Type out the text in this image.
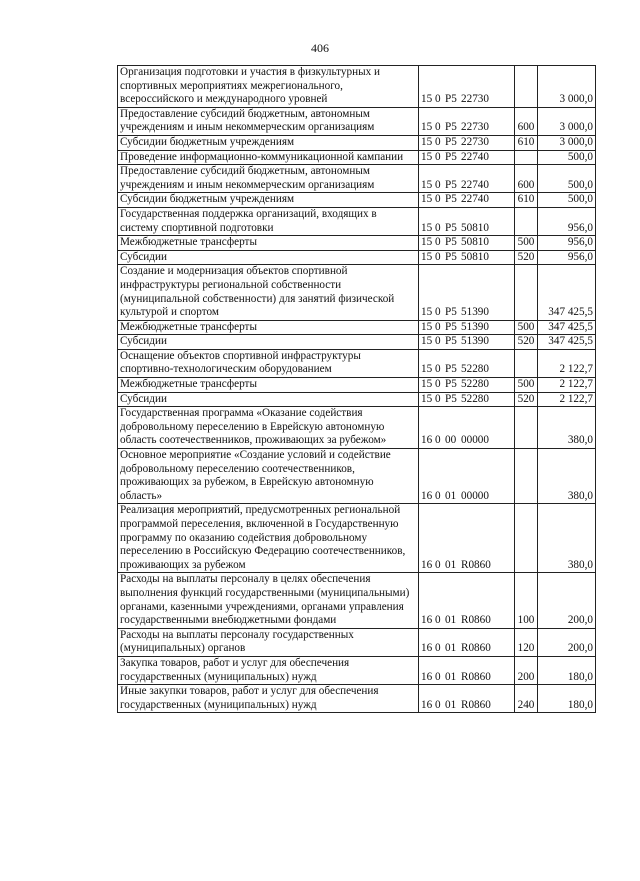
406
Организация подготовки и участия в физкультурных и спортивных мероприятиях межрегионального, всероссийского и международного уровней	15 0 P5 22730		3 000,0
Предоставление субсидий бюджетным, автономным учреждениям и иным некоммерческим организациям	15 0 P5 22730	600	3 000,0
Субсидии бюджетным учреждениям	15 0 P5 22730	610	3 000,0
Проведение информационно-коммуникационной кампании	15 0 P5 22740		500,0
Предоставление субсидий бюджетным, автономным учреждениям и иным некоммерческим организациям	15 0 P5 22740	600	500,0
Субсидии бюджетным учреждениям	15 0 P5 22740	610	500,0
Государственная поддержка организаций, входящих в систему спортивной подготовки	15 0 P5 50810		956,0
Межбюджетные трансферты	15 0 P5 50810	500	956,0
Субсидии	15 0 P5 50810	520	956,0
Создание и модернизация объектов спортивной инфраструктуры региональной собственности (муниципальной собственности) для занятий физической культурой и спортом	15 0 P5 51390		347 425,5
Межбюджетные трансферты	15 0 P5 51390	500	347 425,5
Субсидии	15 0 P5 51390	520	347 425,5
Оснащение объектов спортивной инфраструктуры спортивно-технологическим оборудованием	15 0 P5 52280		2 122,7
Межбюджетные трансферты	15 0 P5 52280	500	2 122,7
Субсидии	15 0 P5 52280	520	2 122,7
Государственная программа «Оказание содействия добровольному переселению в Еврейскую автономную область соотечественников, проживающих за рубежом»	16 0 00 00000		380,0
Основное мероприятие «Создание условий и содействие добровольному переселению соотечественников, проживающих за рубежом, в Еврейскую автономную область»	16 0 01 00000		380,0
Реализация мероприятий, предусмотренных региональной программой переселения, включенной в Государственную программу по оказанию содействия добровольному переселению в Российскую Федерацию соотечественников, проживающих за рубежом	16 0 01 R0860		380,0
Расходы на выплаты персоналу в целях обеспечения выполнения функций государственными (муниципальными) органами, казенными учреждениями, органами управления государственными внебюджетными фондами	16 0 01 R0860	100	200,0
Расходы на выплаты персоналу государственных (муниципальных) органов	16 0 01 R0860	120	200,0
Закупка товаров, работ и услуг для обеспечения государственных (муниципальных) нужд	16 0 01 R0860	200	180,0
Иные закупки товаров, работ и услуг для обеспечения государственных (муниципальных) нужд	16 0 01 R0860	240	180,0
